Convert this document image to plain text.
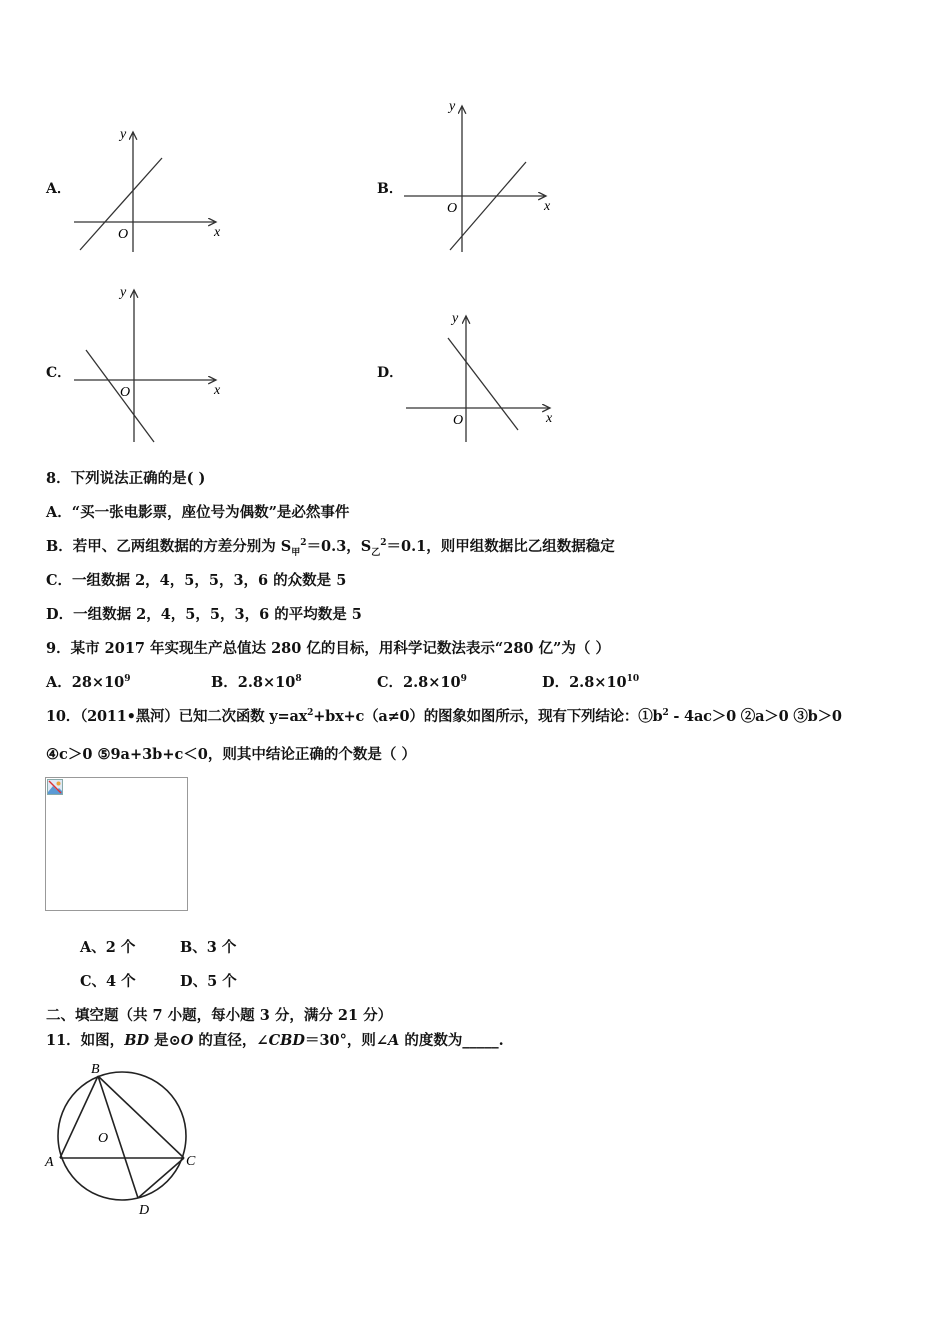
A．
O	x
y
B．
O	x
y
C．
O	x
y
D．
O	x
y
8．下列说法正确的是( )
A．“买一张电影票，座位号为偶数”是必然事件
B．若甲、乙两组数据的方差分别为 $S_甲^2=0.3$，$S_乙^2=0.1$，则甲组数据比乙组数据稳定
C．一组数据 2，4，5，5，3，6 的众数是 5
D．一组数据 2，4，5，5，3，6 的平均数是 5
9．某市 2017 年实现生产总值达 280 亿的目标，用科学记数法表示“280 亿”为（ ）
A．$28\times 10^9$	B．$2.8\times 10^8$	C．$2.8\times 10^9$	D．$2.8\times 10^{10}$
10．（2011•黑河）已知二次函数 $y=ax^2+bx+c(a\ne 0)$的图象如图所示，现有下列结论：$①b^2 - 4ac>0$ ②a＞0 ③b＞0
④c＞0 ⑤9a+3b+c＜0，则其中结论正确的个数是（ ）
A、2 个	B、3 个
C、4 个	D、5 个
二、填空题（共 7 小题，每小题 3 分，满分 21 分）
11．如图，BD 是⊙O 的直径，∠CBD＝30°，则∠A 的度数为_____.
B
A	C
D
O
